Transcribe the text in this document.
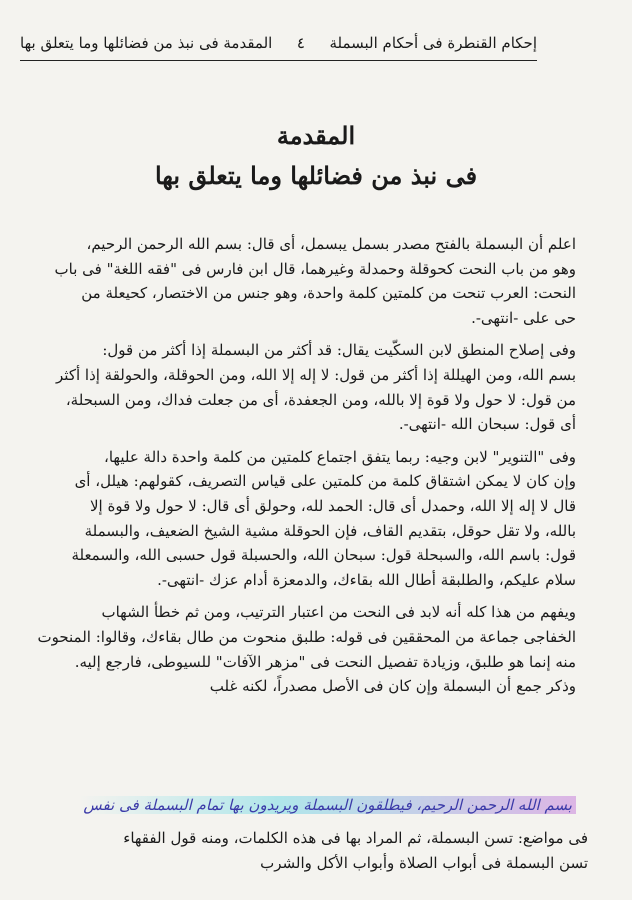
إحكام القنطرة فى أحكام البسملة
٤
المقدمة فى نبذ من فضائلها وما يتعلق بها

المقدمة

فى نبذ من فضائلها وما يتعلق بها

اعلم أن البسملة بالفتح مصدر بسمل يبسمل، أى قال: بسم الله الرحمن الرحيم،
وهو من باب النحت كحوقلة وحمدلة وغيرهما، قال ابن فارس فى "فقه اللغة" فى باب
النحت: العرب تنحت من كلمتين كلمة واحدة، وهو جنس من الاختصار، كحيعلة من
حى على -انتهى-.

وفى إصلاح المنطق لابن السكّيت يقال: قد أكثر من البسملة إذا أكثر من قول:
بسم الله، ومن الهيللة إذا أكثر من قول: لا إله إلا الله، ومن الحوقلة، والحولقة إذا أكثر
من قول: لا حول ولا قوة إلا بالله، ومن الجعفدة، أى من جعلت فداك، ومن السبحلة،
أى قول: سبحان الله -انتهى-.

وفى "التنوير" لابن وجيه: ربما يتفق اجتماع كلمتين من كلمة واحدة دالة عليها،
وإن كان لا يمكن اشتقاق كلمة من كلمتين على قياس التصريف، كقولهم: هيلل، أى
قال لا إله إلا الله، وحمدل أى قال: الحمد لله، وحولق أى قال: لا حول ولا قوة إلا
بالله، ولا تقل حوقل، بتقديم القاف، فإن الحوقلة مشية الشيخ الضعيف، والبسملة
قول: باسم الله، والسبحلة قول: سبحان الله، والحسبلة قول حسبى الله، والسمعلة
سلام عليكم، والطلبقة أطال الله بقاءك، والدمعزة أدام عزك -انتهى-.

ويفهم من هذا كله أنه لابد فى النحت من اعتبار الترتيب، ومن ثم خطأ الشهاب
الخفاجى جماعة من المحققين فى قوله: طلبق منحوت من طال بقاءك، وقالوا: المنحوت
منه إنما هو طلبق، وزيادة تفصيل النحت فى "مزهر الآفات" للسيوطى، فارجع إليه.
وذكر جمع أن البسملة وإن كان فى الأصل مصدراً، لكنه غلب

بسم الله الرحمن الرحيم، فيطلقون البسملة ويريدون بها تمام البسملة فى نفس
فى مواضع: تسن البسملة، ثم المراد بها فى هذه الكلمات، ومنه قول الفقهاء
تسن البسملة فى أبواب الصلاة وأبواب الأكل والشرب
